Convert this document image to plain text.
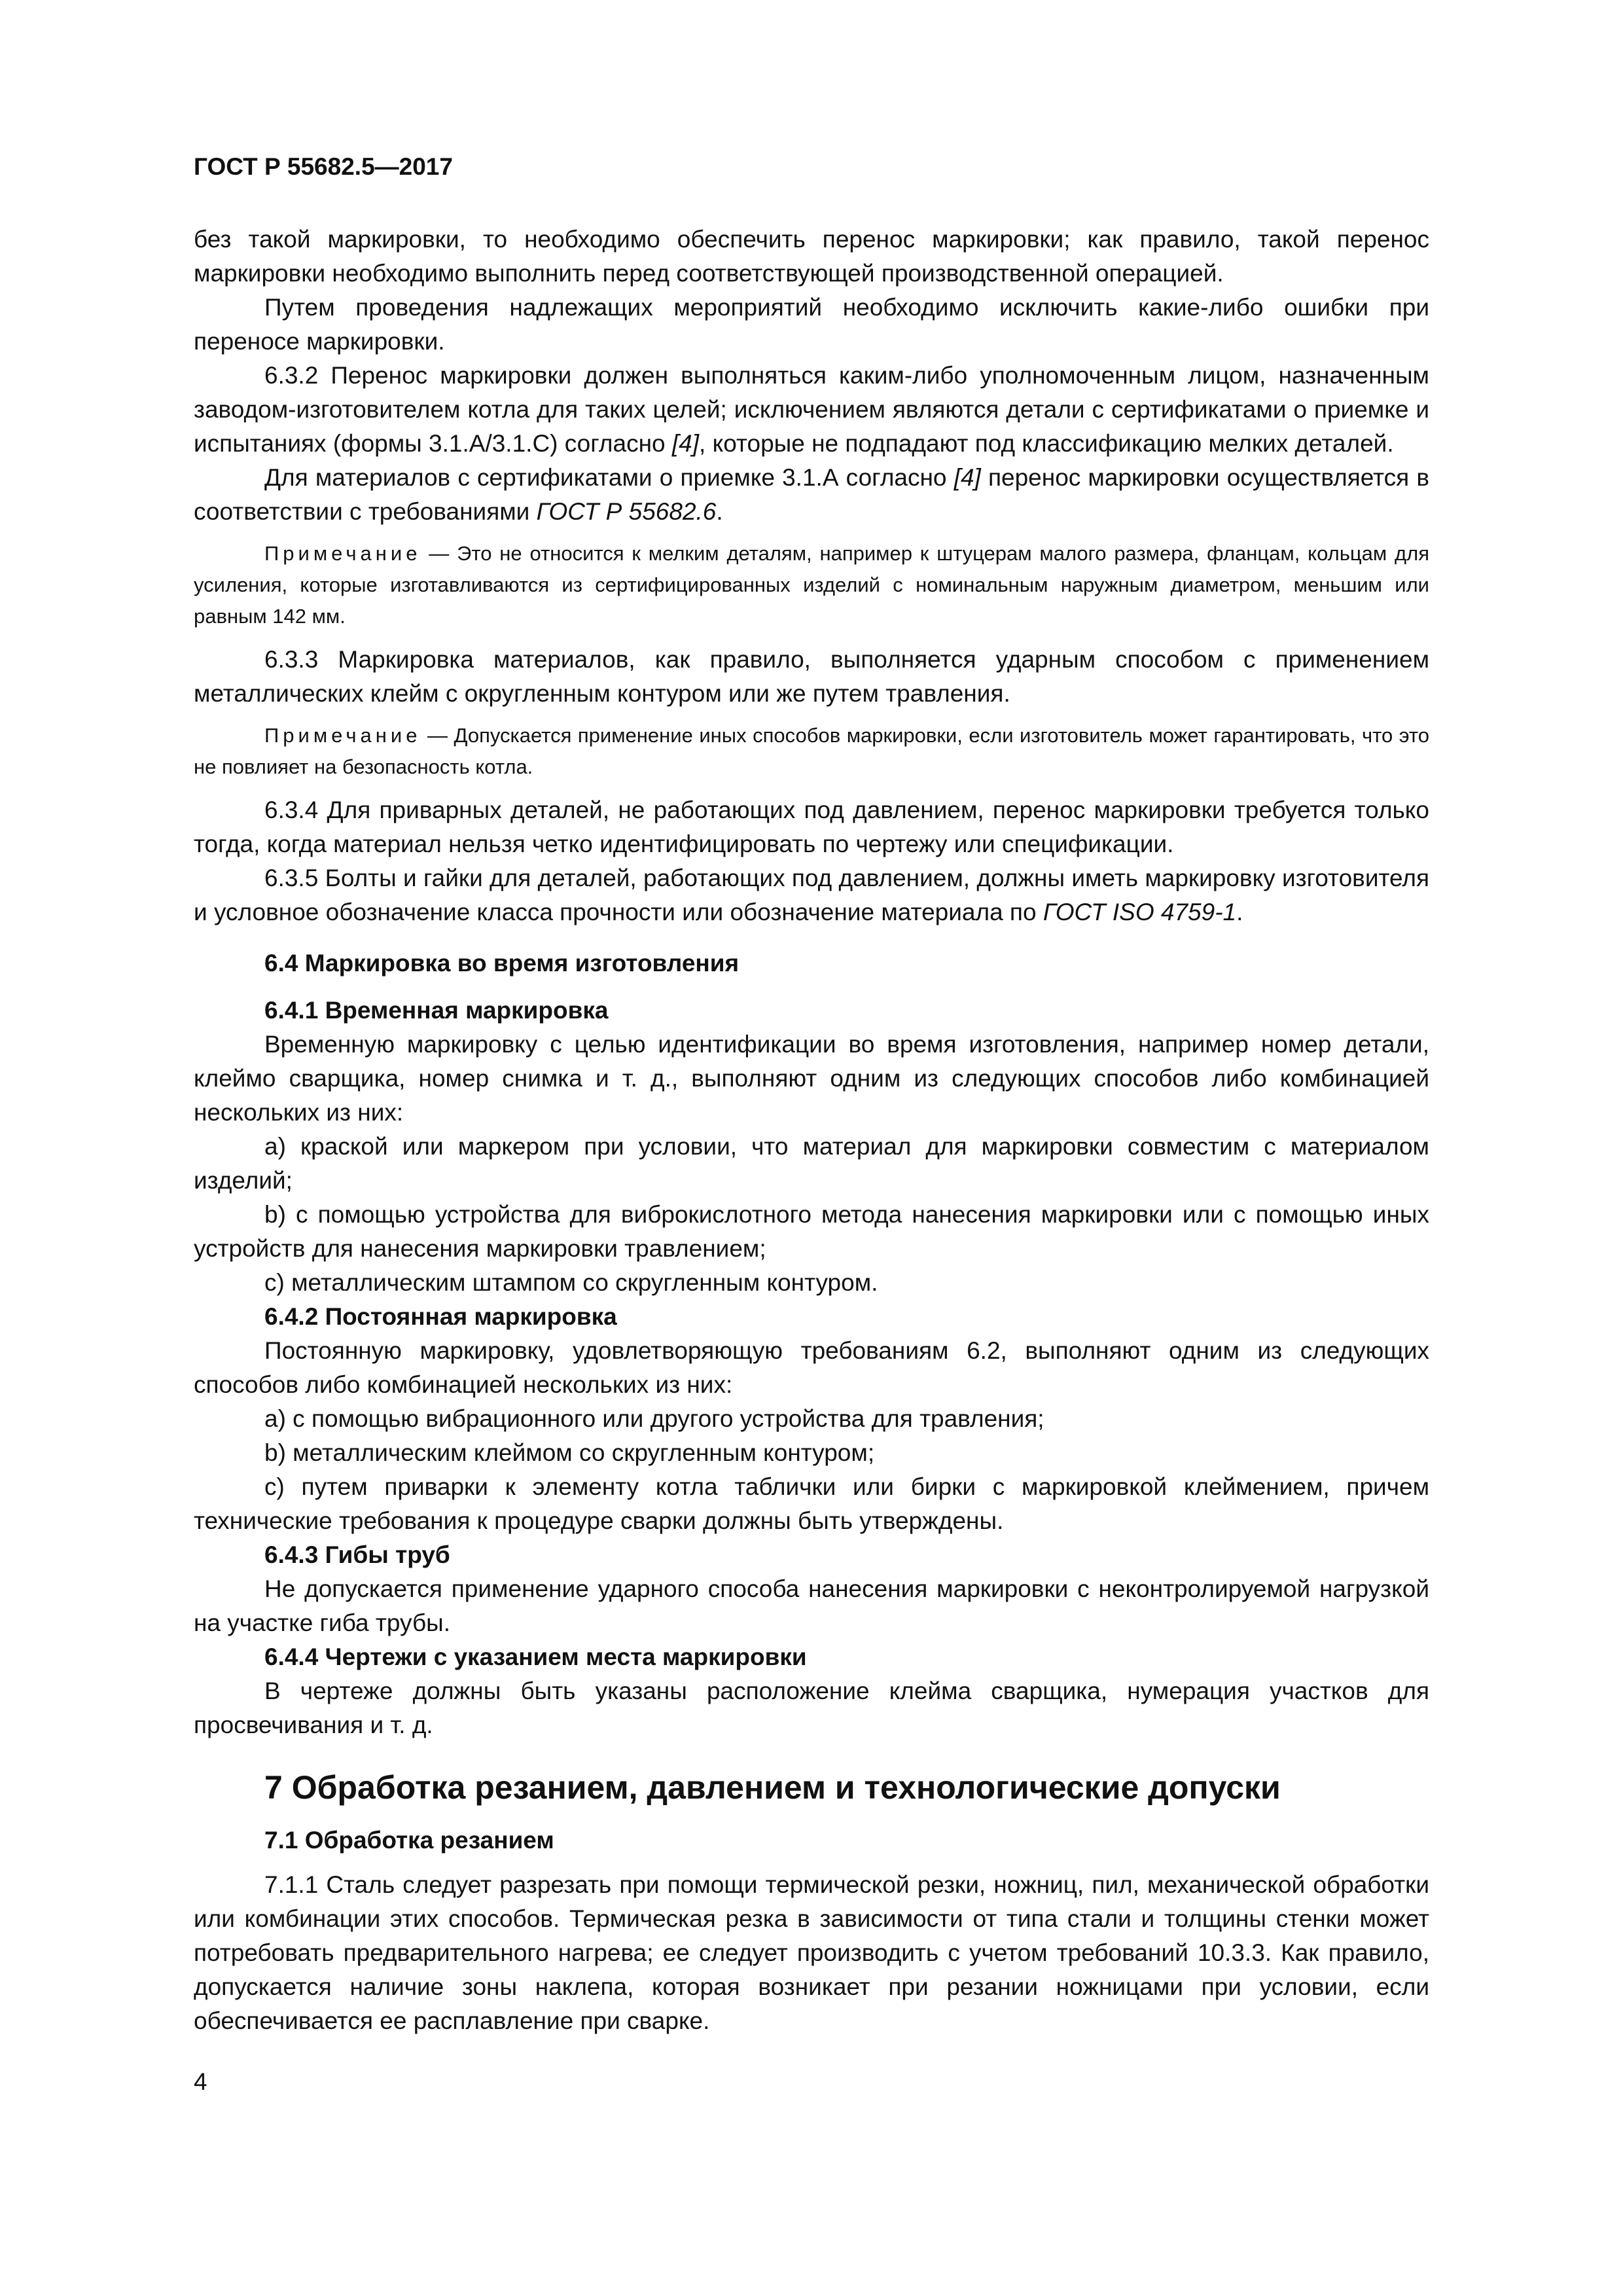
ГОСТ Р 55682.5—2017

без такой маркировки, то необходимо обеспечить перенос маркировки; как правило, такой перенос маркировки необходимо выполнить перед соответствующей производственной операцией.

Путем проведения надлежащих мероприятий необходимо исключить какие-либо ошибки при переносе маркировки.

6.3.2 Перенос маркировки должен выполняться каким-либо уполномоченным лицом, назначенным заводом-изготовителем котла для таких целей; исключением являются детали с сертификатами о приемке и испытаниях (формы 3.1.А/3.1.С) согласно [4], которые не подпадают под классификацию мелких деталей.

Для материалов с сертификатами о приемке 3.1.А согласно [4] перенос маркировки осуществляется в соответствии с требованиями ГОСТ Р 55682.6.

Примечание — Это не относится к мелким деталям, например к штуцерам малого размера, фланцам, кольцам для усиления, которые изготавливаются из сертифицированных изделий с номинальным наружным диаметром, меньшим или равным 142 мм.

6.3.3 Маркировка материалов, как правило, выполняется ударным способом с применением металлических клейм с округленным контуром или же путем травления.

Примечание — Допускается применение иных способов маркировки, если изготовитель может гарантировать, что это не повлияет на безопасность котла.

6.3.4 Для приварных деталей, не работающих под давлением, перенос маркировки требуется только тогда, когда материал нельзя четко идентифицировать по чертежу или спецификации.

6.3.5 Болты и гайки для деталей, работающих под давлением, должны иметь маркировку изготовителя и условное обозначение класса прочности или обозначение материала по ГОСТ ISO 4759-1.

6.4 Маркировка во время изготовления
6.4.1 Временная маркировка

Временную маркировку с целью идентификации во время изготовления, например номер детали, клеймо сварщика, номер снимка и т. д., выполняют одним из следующих способов либо комбинацией нескольких из них:

а) краской или маркером при условии, что материал для маркировки совместим с материалом изделий;

b) с помощью устройства для виброкислотного метода нанесения маркировки или с помощью иных устройств для нанесения маркировки травлением;

с) металлическим штампом со скругленным контуром.

6.4.2 Постоянная маркировка

Постоянную маркировку, удовлетворяющую требованиям 6.2, выполняют одним из следующих способов либо комбинацией нескольких из них:

а) с помощью вибрационного или другого устройства для травления;

b) металлическим клеймом со скругленным контуром;

с) путем приварки к элементу котла таблички или бирки с маркировкой клеймением, причем технические требования к процедуре сварки должны быть утверждены.

6.4.3 Гибы труб

Не допускается применение ударного способа нанесения маркировки с неконтролируемой нагрузкой на участке гиба трубы.

6.4.4 Чертежи с указанием места маркировки

В чертеже должны быть указаны расположение клейма сварщика, нумерация участков для просвечивания и т. д.

7 Обработка резанием, давлением и технологические допуски
7.1 Обработка резанием

7.1.1 Сталь следует разрезать при помощи термической резки, ножниц, пил, механической обработки или комбинации этих способов. Термическая резка в зависимости от типа стали и толщины стенки может потребовать предварительного нагрева; ее следует производить с учетом требований 10.3.3. Как правило, допускается наличие зоны наклепа, которая возникает при резании ножницами при условии, если обеспечивается ее расплавление при сварке.

4
